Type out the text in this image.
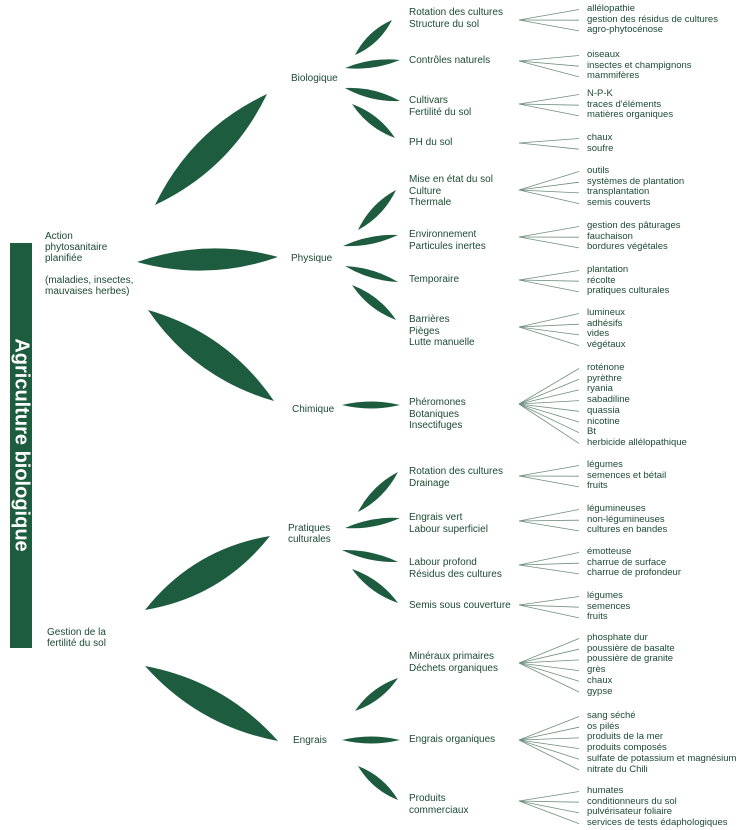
Agriculture biologique
Action
phytosanitaire
planifiée
(maladies, insectes,
mauvaises herbes)
Gestion de la
fertilité du sol
Biologique
Physique
Chimique
Pratiques
culturales
Engrais
Rotation des cultures
Structure du sol
allélopathie
gestion des résidus de cultures
agro-phytocénose
Contrôles naturels
oiseaux
insectes et champignons
mammifères
Cultivars
Fertilité du sol
N-P-K
traces d'éléments
matières organiques
PH du sol	chaux
soufre
Mise en état du sol
Culture
Thermale
outils
systèmes de plantation
transplantation
semis couverts
Environnement
Particules inertes
gestion des pâturages
fauchaison
bordures végétales
Temporaire
plantation
récolte
pratiques culturales
Barrières
Pièges
Lutte manuelle
lumineux
adhésifs
vides
végétaux
Phéromones
Botaniques
Insectifuges
roténone
pyrèthre
ryania
sabadiline
quassia
nicotine
Bt
herbicide allélopathique
Rotation des cultures
Drainage
légumes
semences et bétail
fruits
Engrais vert
Labour superficiel
légumineuses
non-légumineuses
cultures en bandes
Labour profond
Résidus des cultures
émotteuse
charrue de surface
charrue de profondeur
Semis sous couverture
légumes
semences
fruits
Minéraux primaires
Déchets organiques
phosphate dur
poussière de basalte
poussière de granite
grès
chaux
gypse
Engrais organiques
sang séché
os pilés
produits de la mer
produits composés
sulfate de potassium et magnésium
nitrate du Chili
Produits
commerciaux
humates
conditionneurs du sol
pulvérisateur foliaire
services de tests édaphologiques
